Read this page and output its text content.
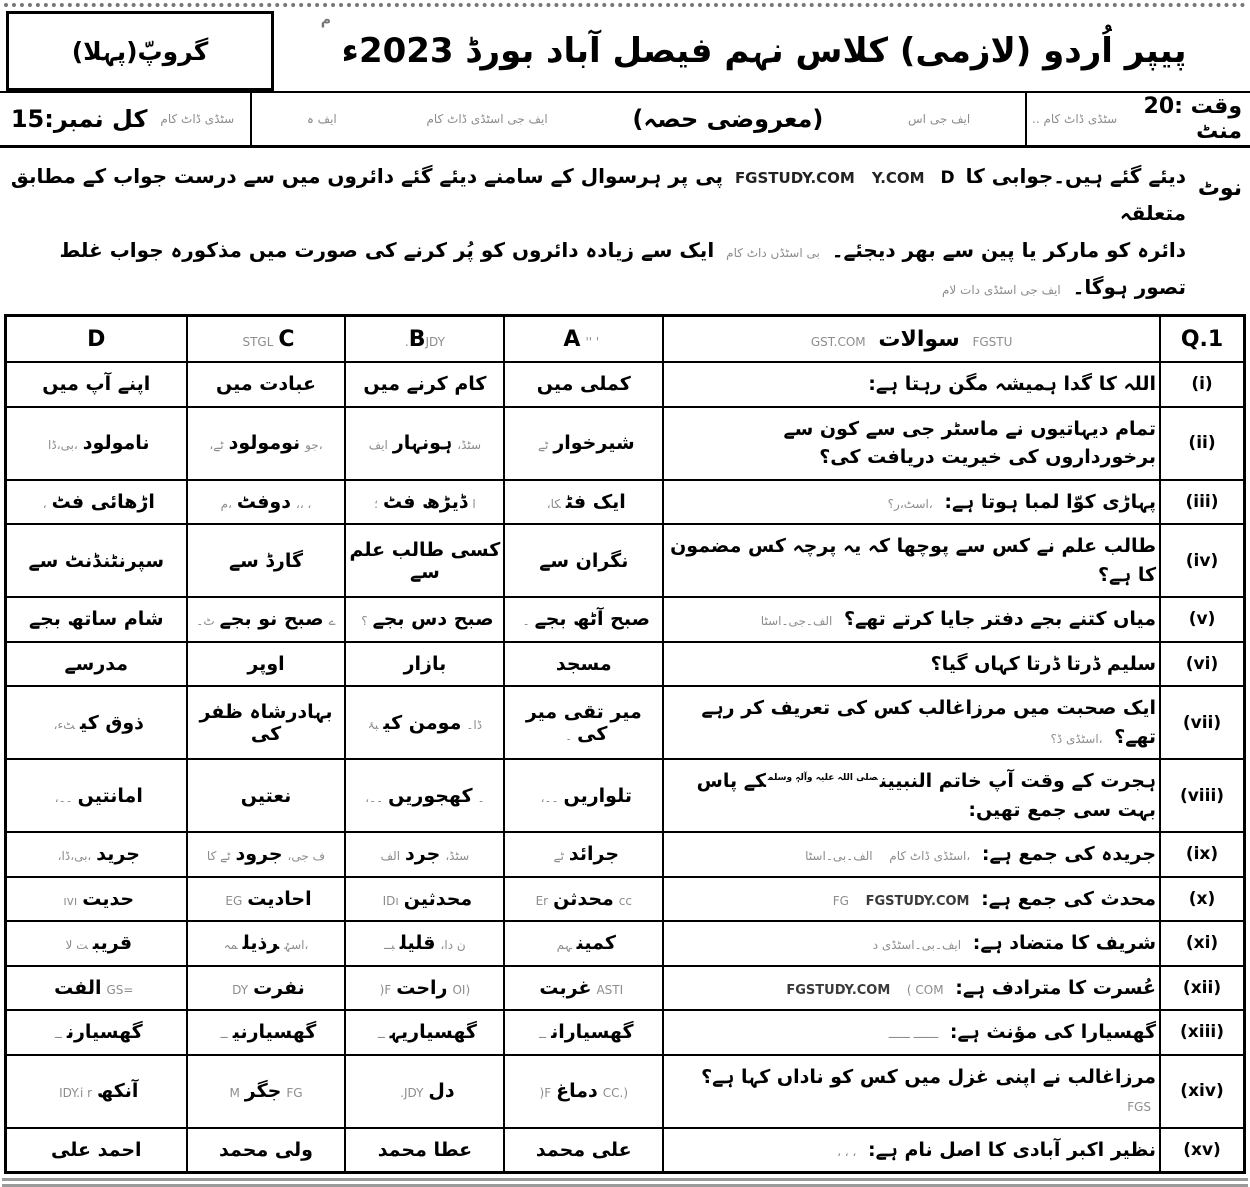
پیپر اُردو (لازمی) کلاس نہم فیصل آباد بورڈ 2023ء
م
گروپّ(پہلا)
وقت :20 منٹ
سٹڈی ڈاٹ کام ..
ایف جی اس
(معروضی حصہ)
ایف جی اسٹڈی ڈاٹ کام
ایف ہ
سٹڈی ڈاٹ کام
کل نمبر:15
نوٹ
دیئے گئے ہیں۔جوابی کا FGSTUDY.COM Y.COM D پی پر ہرسوال کے سامنے دیئے گئے دائروں میں سے درست جواب کے مطابق متعلقہ
دائرہ کو مارکر یا پین سے بھر دیجئے۔ بی اسٹڈں داٹ کام ایک سے زیادہ دائروں کو پُر کرنے کی صورت میں مذکورہ جواب غلط تصور ہوگا۔ ایف جی اسٹڈی دات لام
Q.1	FGSTU سوالات GST.COM	' ''A	BJDY.	STGL C	D
(i)	اللہ کا گدا ہمیشہ مگن رہتا ہے:	کملی میں	کام کرنے میں	عبادت میں	اپنے آپ میں
(ii)	تمام دیہاتیوں نے ماسٹر جی سے کون سے برخورداروں کی خیریت دریافت کی؟	شیرخوارٹے	سٹڈ،ہونہارایف	،جونومولودٹے،	نامولود،بی،ڈا
(iii)	پہاڑی کوّا لمبا ہوتا ہے: ،اسٹ،ر؟	ایک فٹکا،	اڈیڑھ فٹ؛	، ،،دوفٹ،م	اڑھائی فٹ،
(iv)	طالب علم نے کس سے پوچھا کہ یہ پرچہ کس مضمون کا ہے؟	نگران سے	کسی طالب علم سے	گارڈ سے	سپرنٹنڈنٹ سے
(v)	میاں کتنے بجے دفتر جایا کرتے تھے؟ الف۔جی۔اسٹا	صبح آٹھ بجے۔	صبح دس بجے؟	ےصبح نو بجےٹ۔	شام ساتھ بجے
(vi)	سلیم ڈرتا ڈرتا کہاں گیا؟	مسجد	بازار	اوپر	مدرسے
(vii)	ایک صحبت میں مرزاغالب کس کی تعریف کر رہے تھے؟ ،اسٹڈی ڈ؟	میر تقی میر کی۔	ڈا۔مومن کیبۂ	بہادرشاہ ظفر کی	ذوق کیٹء،
(viii)	ہجرت کے وقت آپ خاتم النبیین$^{صلی اللہ علیہ وآلہٖ وسلم}$کے پاس بہت سی جمع تھیں:	تلواریں۔۔،	۔کھجوریں۔۔،	نعتیں	امانتیں۔۔،
(ix)	جریدہ کی جمع ہے: ،اسٹڈی ڈاٹ کام الف۔بی۔اسٹا	جرائدٹے	سٹڈ،جردالف	ف جی،جرودٹے کا	جرید،بی،ڈا،
(x)	محدث کی جمع ہے: FG FGSTUDY.COM	ccمحدثنEr	محدثینIDı	احادیتEG	حدیتıvı
(xi)	شریف کا متضاد ہے: ایف۔بی۔اسٹڈی د	کمینہم	ن دا،قلیلبــ	،اسۂرذیلمہ	قریبت لا
(xii)	عُسرت کا مترادف ہے: FGSTUDY.COM ( COM	ASTIغربت	(OIراحتF(	نفرتDY	=GSالفت
(xiii)	گھسیارا کی مؤنث ہے: ـــــــ ــــــ	گھسیارانــ	گھسیاریہــ	گھسیارنیــ	گھسیارنــ
(xiv)	مرزاغالب نے اپنی غزل میں کس کو ناداں کہا ہے؟ FGS	(.CCدماغF(	دلJDY.	FGجگرM	آنکھIDY.i r
(xv)	نظیر اکبر آبادی کا اصل نام ہے: ، ، ،	علی محمد	عطا محمد	ولی محمد	احمد علی
